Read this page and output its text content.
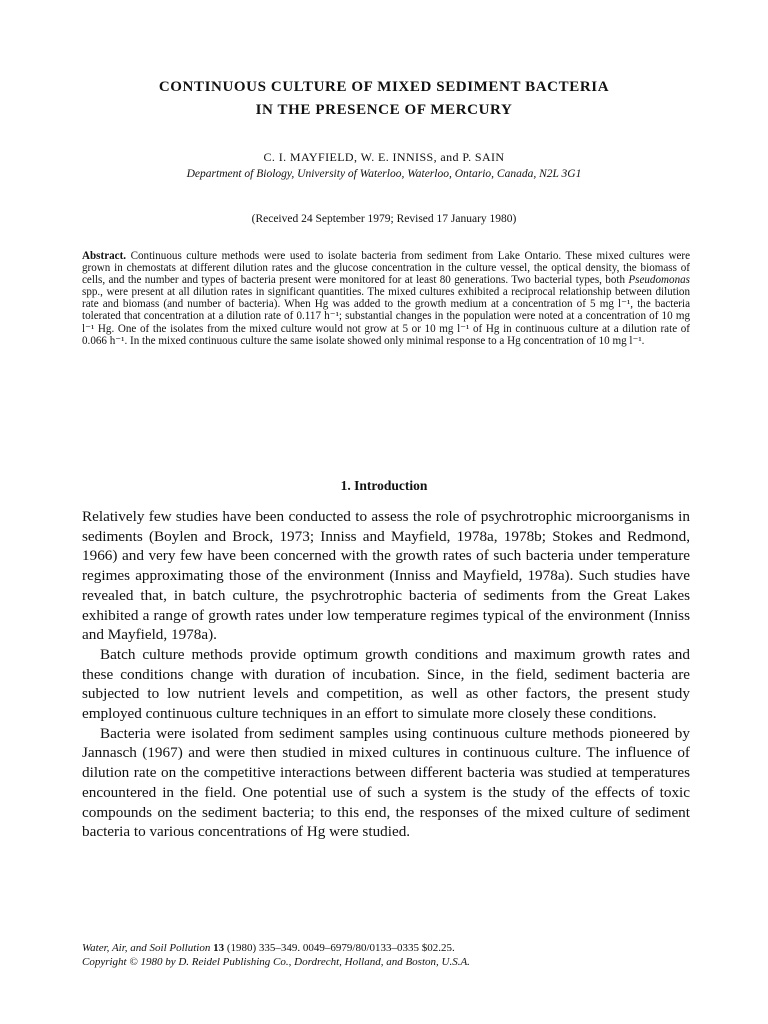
CONTINUOUS CULTURE OF MIXED SEDIMENT BACTERIA
IN THE PRESENCE OF MERCURY
C. I. MAYFIELD, W. E. INNISS, and P. SAIN
Department of Biology, University of Waterloo, Waterloo, Ontario, Canada, N2L 3G1
(Received 24 September 1979; Revised 17 January 1980)
Abstract. Continuous culture methods were used to isolate bacteria from sediment from Lake Ontario. These mixed cultures were grown in chemostats at different dilution rates and the glucose concentration in the culture vessel, the optical density, the biomass of cells, and the number and types of bacteria present were monitored for at least 80 generations. Two bacterial types, both Pseudomonas spp., were present at all dilution rates in significant quantities. The mixed cultures exhibited a reciprocal relationship between dilution rate and biomass (and number of bacteria). When Hg was added to the growth medium at a concentration of 5 mg l⁻¹, the bacteria tolerated that concentration at a dilution rate of 0.117 h⁻¹; substantial changes in the population were noted at a concentration of 10 mg l⁻¹ Hg. One of the isolates from the mixed culture would not grow at 5 or 10 mg l⁻¹ of Hg in continuous culture at a dilution rate of 0.066 h⁻¹. In the mixed continuous culture the same isolate showed only minimal response to a Hg concentration of 10 mg l⁻¹.
1. Introduction

Relatively few studies have been conducted to assess the role of psychrotrophic microorganisms in sediments (Boylen and Brock, 1973; Inniss and Mayfield, 1978a, 1978b; Stokes and Redmond, 1966) and very few have been concerned with the growth rates of such bacteria under temperature regimes approximating those of the environment (Inniss and Mayfield, 1978a). Such studies have revealed that, in batch culture, the psychrotrophic bacteria of sediments from the Great Lakes exhibited a range of growth rates under low temperature regimes typical of the environment (Inniss and Mayfield, 1978a).

Batch culture methods provide optimum growth conditions and maximum growth rates and these conditions change with duration of incubation. Since, in the field, sediment bacteria are subjected to low nutrient levels and competition, as well as other factors, the present study employed continuous culture techniques in an effort to simulate more closely these conditions.

Bacteria were isolated from sediment samples using continuous culture methods pioneered by Jannasch (1967) and were then studied in mixed cultures in continuous culture. The influence of dilution rate on the competitive interactions between different bacteria was studied at temperatures encountered in the field. One potential use of such a system is the study of the effects of toxic compounds on the sediment bacteria; to this end, the responses of the mixed culture of sediment bacteria to various concentrations of Hg were studied.

Water, Air, and Soil Pollution 13 (1980) 335–349. 0049–6979/80/0133–0335 $02.25.
Copyright © 1980 by D. Reidel Publishing Co., Dordrecht, Holland, and Boston, U.S.A.
